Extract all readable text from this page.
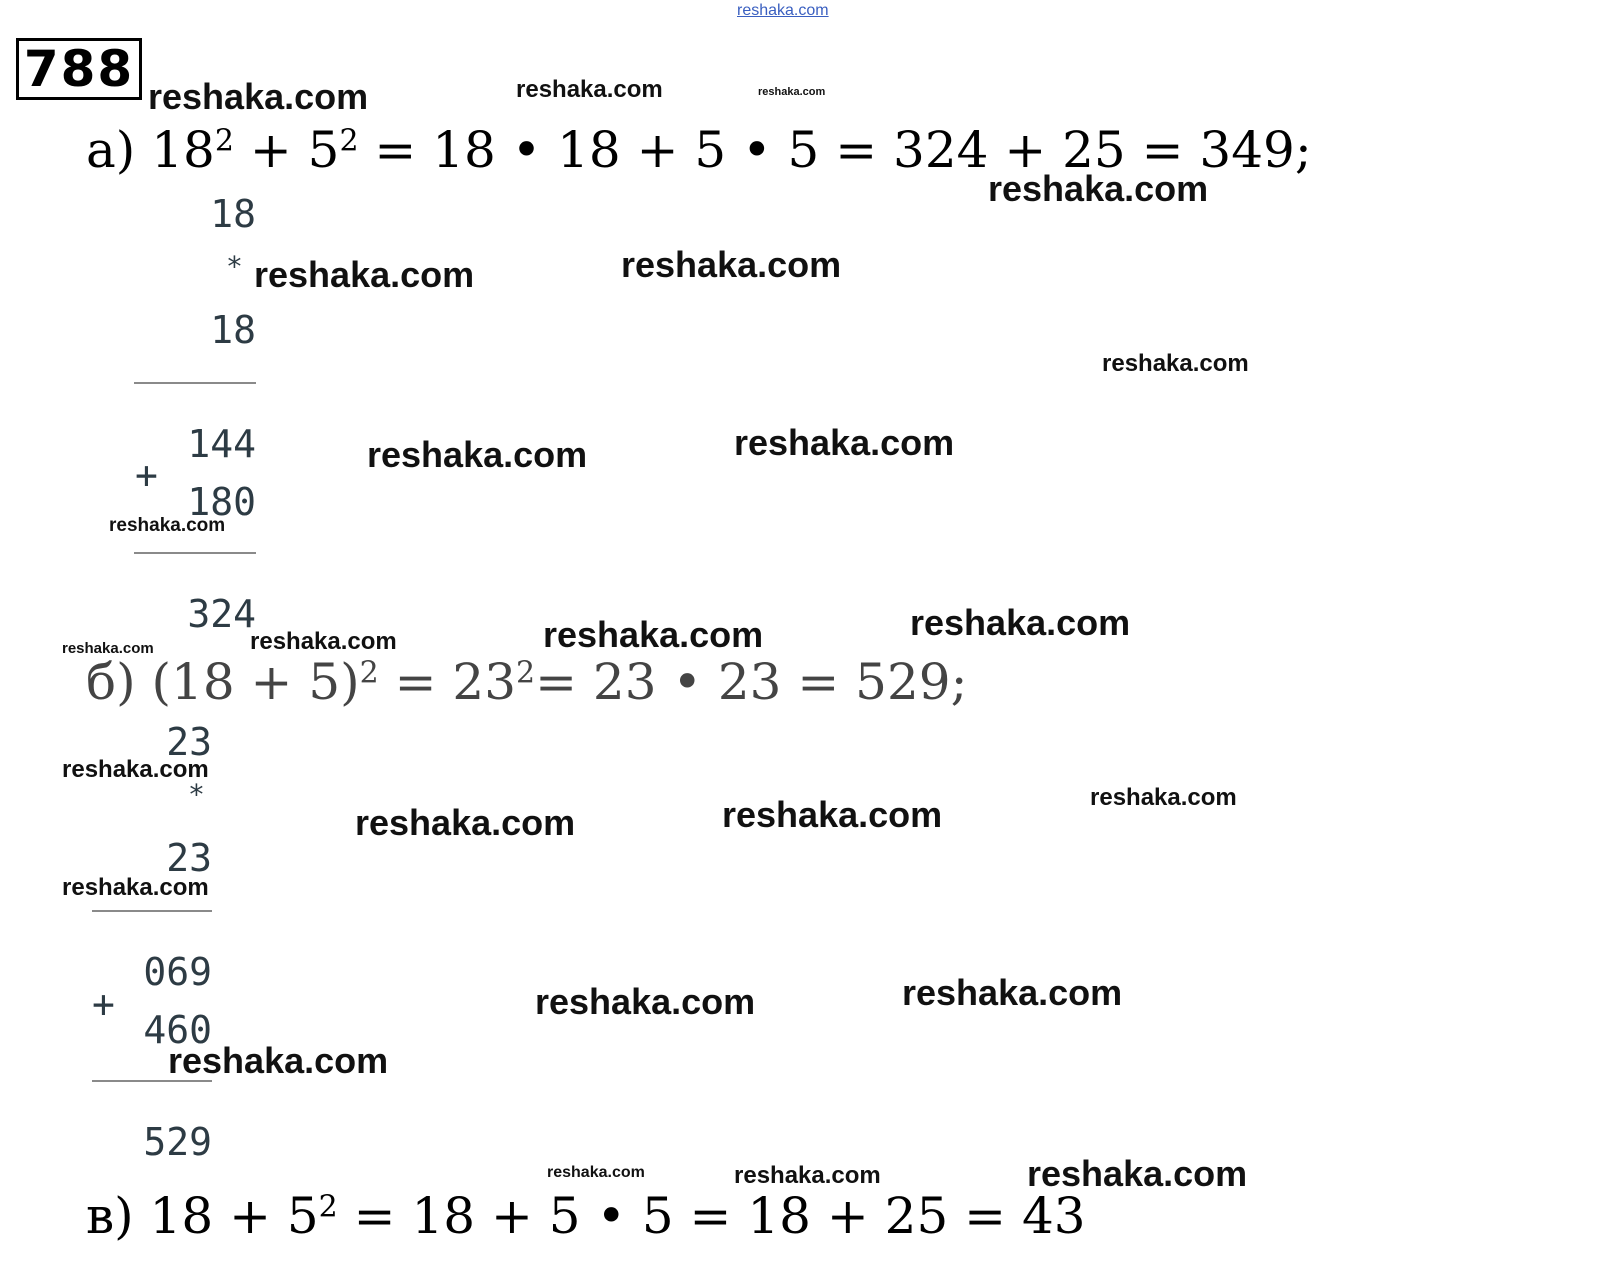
reshaka.com
788
а) $18^2 + 5^2 = 18$ • 18 + 5 • 5 = 324 + 25 = 349;
18
*
18
144
+
180
324
б) $(18 + 5)^2 = 23^2= 23$ • 23 = 529;
23
*
23
069
+
460
529
в) $18 + 5^2 = 18 + 5$ • 5 = 18 + 25 = 43
reshaka.com	reshaka.com	reshaka.com
reshaka.com
reshaka.com	reshaka.com
reshaka.com
reshaka.com	reshaka.com
reshaka.com
reshaka.com	reshaka.com
reshaka.com
reshaka.com
reshaka.com
reshaka.com	reshaka.com	reshaka.com
reshaka.com
reshaka.com	reshaka.com
reshaka.com
reshaka.com	reshaka.com	reshaka.com
